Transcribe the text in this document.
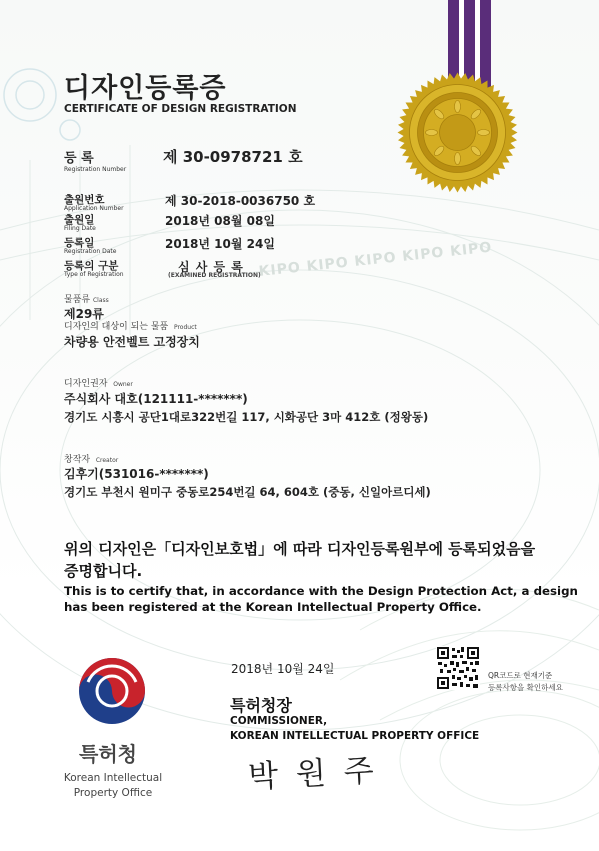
디자인등록증
CERTIFICATE OF DESIGN REGISTRATION
등 록
Registration Number
제 30-0978721 호
출원번호
Application Number
제 30-2018-0036750 호
출원일
Filing Date
2018년 08월 08일
등록일
Registration Date
2018년 10월 24일
등록의 구분
Type of Registration
심 사 등 록
(EXAMINED REGISTRATION)
KIPO KIPO KIPO KIPO KIPO
물품류 Class
제29류
디자인의 대상이 되는 물품 Product
차량용 안전벨트 고정장치
디자인권자 Owner
주식회사 대호(121111-*******)
경기도 시흥시 공단1대로322번길 117, 시화공단 3마 412호 (정왕동)
창작자 Creator
김후기(531016-*******)
경기도 부천시 원미구 중동로254번길 64, 604호 (중동, 신일아르디세)
위의 디자인은「디자인보호법」에 따라 디자인등록원부에 등록되었음을
증명합니다.
This is to certify that, in accordance with the Design Protection Act, a design
has been registered at the Korean Intellectual Property Office.
2018년 10월 24일	QR코드로 현재기준
등록사항을 확인하세요
특허청장
COMMISSIONER,
KOREAN INTELLECTUAL PROPERTY OFFICE
박 원 주
특허청
Korean Intellectual
Property Office
